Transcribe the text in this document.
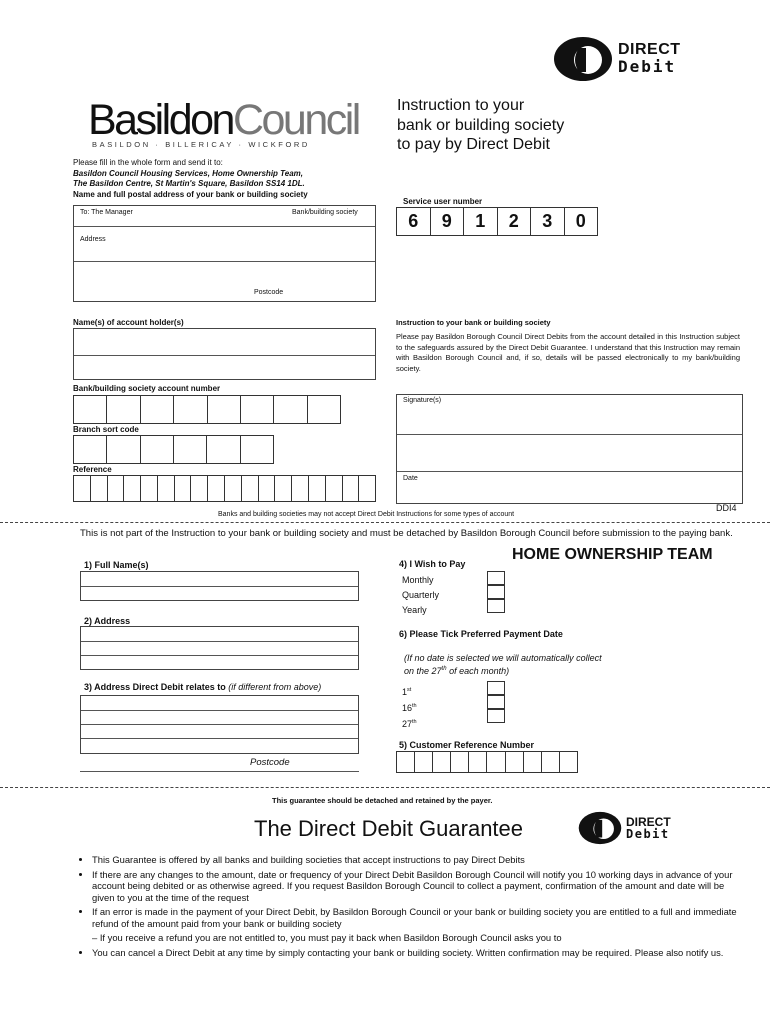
DIRECT
Debit
BasildonCouncil
BASILDON · BILLERICAY · WICKFORD
Instruction to your
bank or building society
to pay by Direct Debit
Please fill in the whole form and send it to:
Basildon Council Housing Services, Home Ownership Team,
The Basildon Centre, St Martin's Square, Basildon SS14 1DL.
Name and full postal address of your bank or building society
To: The Manager	Bank/building society
Address
Postcode
Service user number
6	9	1	2	3	0
Name(s) of account holder(s)
Bank/building society account number
Branch sort code
Reference
Instruction to your bank or building society
Please pay Basildon Borough Council Direct Debits from the account detailed in this Instruction subject to the safeguards assured by the Direct Debit Guarantee. I understand that this Instruction may remain with Basildon Borough Council and, if so, details will be passed electronically to my bank/building society.
Signature(s)
Date
DDI4
Banks and building societies may not accept Direct Debit Instructions for some types of account
This is not part of the Instruction to your bank or building society and must be detached by Basildon Borough Council before submission to the paying bank.
HOME OWNERSHIP TEAM
1) Full Name(s)
2) Address
3) Address Direct Debit relates to (if different from above)
Postcode
4) I Wish to Pay
Monthly
Quarterly
Yearly
6) Please Tick Preferred Payment Date
(If no date is selected we will automatically collect
on the 27th of each month)
1st
16th
27th
5) Customer Reference Number
This guarantee should be detached and retained by the payer.
The Direct Debit Guarantee	DIRECT
Debit
• This Guarantee is offered by all banks and building societies that accept instructions to pay Direct Debits
• If there are any changes to the amount, date or frequency of your Direct Debit Basildon Borough Council will notify you 10 working days in advance of your account being debited or as otherwise agreed. If you request Basildon Borough Council to collect a payment, confirmation of the amount and date will be given to you at the time of the request
• If an error is made in the payment of your Direct Debit, by Basildon Borough Council or your bank or building society you are entitled to a full and immediate refund of the amount paid from your bank or building society
– If you receive a refund you are not entitled to, you must pay it back when Basildon Borough Council asks you to
• You can cancel a Direct Debit at any time by simply contacting your bank or building society. Written confirmation may be required. Please also notify us.
